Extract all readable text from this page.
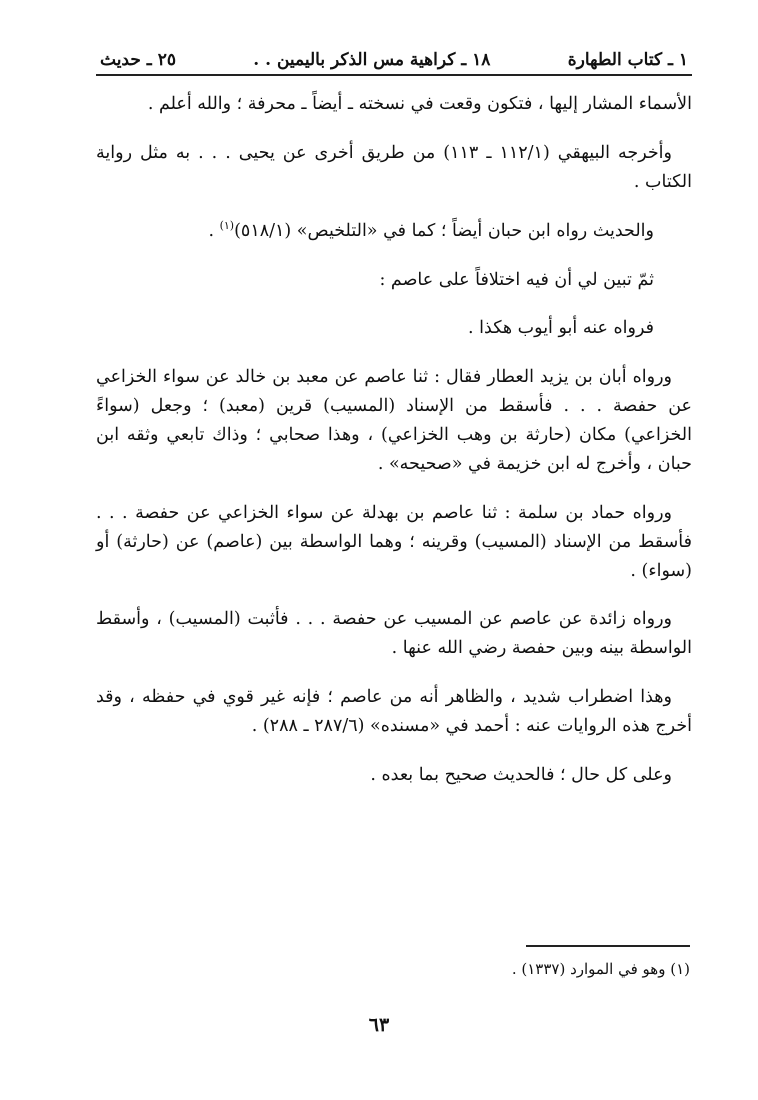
١ ـ كتاب الطهارة
١٨ ـ كراهية مس الذكر باليمين . .
٢٥ ـ حديث

الأسماء المشار إليها ، فتكون وقعت في نسخته ـ أيضاً ـ محرفة ؛ والله أعلم .

وأخرجه البيهقي (١١٢/١ ـ ١١٣) من طريق أخرى عن يحيى . . . به مثل رواية الكتاب .

والحديث رواه ابن حبان أيضاً ؛ كما في «التلخيص» (٥١٨/١)$^{(١)}$ .

ثمّ تبين لي أن فيه اختلافاً على عاصم :

فرواه عنه أبو أيوب هكذا .

ورواه أبان بن يزيد العطار فقال : ثنا عاصم عن معبد بن خالد عن سواء الخزاعي عن حفصة . . . فأسقط من الإسناد (المسيب) قرين (معبد) ؛ وجعل (سواءً الخزاعي) مكان (حارثة بن وهب الخزاعي) ، وهذا صحابي ؛ وذاك تابعي وثقه ابن حبان ، وأخرج له ابن خزيمة في «صحيحه» .

ورواه حماد بن سلمة : ثنا عاصم بن بهدلة عن سواء الخزاعي عن حفصة . . . فأسقط من الإسناد (المسيب) وقرينه ؛ وهما الواسطة بين (عاصم) عن (حارثة) أو (سواء) .

ورواه زائدة عن عاصم عن المسيب عن حفصة . . . فأثبت (المسيب) ، وأسقط الواسطة بينه وبين حفصة رضي الله عنها .

وهذا اضطراب شديد ، والظاهر أنه من عاصم ؛ فإنه غير قوي في حفظه ، وقد أخرج هذه الروايات عنه : أحمد في «مسنده» (٢٨٧/٦ ـ ٢٨٨) .

وعلى كل حال ؛ فالحديث صحيح بما بعده .

(١) وهو في الموارد (١٣٣٧) .
٦٣
